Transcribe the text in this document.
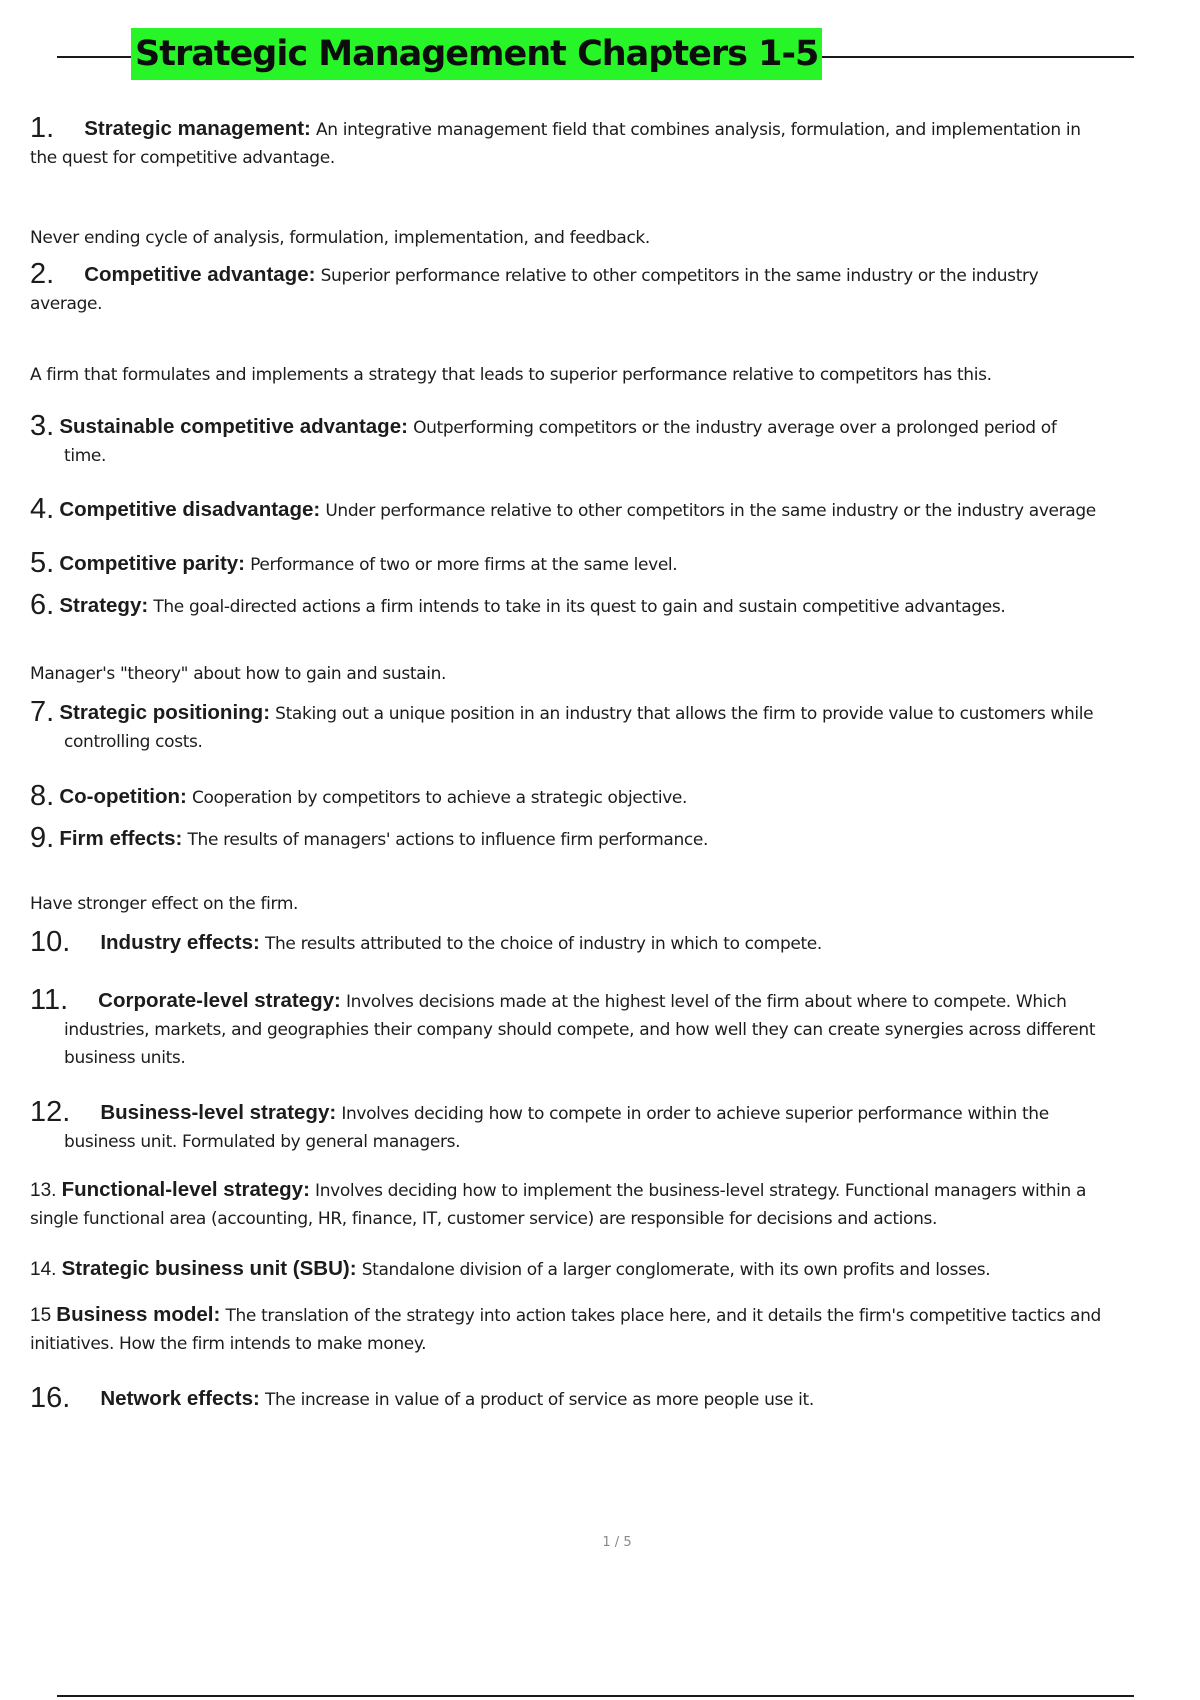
Strategic Management Chapters 1-5
1. Strategic management: An integrative management field that combines analysis, formulation, and implementation in
the quest for competitive advantage.
Never ending cycle of analysis, formulation, implementation, and feedback.
2. Competitive advantage: Superior performance relative to other competitors in the same industry or the industry
average.
A firm that formulates and implements a strategy that leads to superior performance relative to competitors has this.
3. Sustainable competitive advantage: Outperforming competitors or the industry average over a prolonged period of
time.
4. Competitive disadvantage: Under performance relative to other competitors in the same industry or the industry average
5. Competitive parity: Performance of two or more firms at the same level.
6. Strategy: The goal-directed actions a firm intends to take in its quest to gain and sustain competitive advantages.
Manager's "theory" about how to gain and sustain.
7. Strategic positioning: Staking out a unique position in an industry that allows the firm to provide value to customers while
controlling costs.
8. Co-opetition: Cooperation by competitors to achieve a strategic objective.
9. Firm effects: The results of managers' actions to influence firm performance.
Have stronger effect on the firm.
10. Industry effects: The results attributed to the choice of industry in which to compete.
11. Corporate-level strategy: Involves decisions made at the highest level of the firm about where to compete. Which
industries, markets, and geographies their company should compete, and how well they can create synergies across different
business units.
12. Business-level strategy: Involves deciding how to compete in order to achieve superior performance within the
business unit. Formulated by general managers.
13. Functional-level strategy: Involves deciding how to implement the business-level strategy. Functional managers within a
single functional area (accounting, HR, finance, IT, customer service) are responsible for decisions and actions.
14. Strategic business unit (SBU): Standalone division of a larger conglomerate, with its own profits and losses.
15 Business model: The translation of the strategy into action takes place here, and it details the firm's competitive tactics and
initiatives. How the firm intends to make money.
16. Network effects: The increase in value of a product of service as more people use it.
1 / 5
